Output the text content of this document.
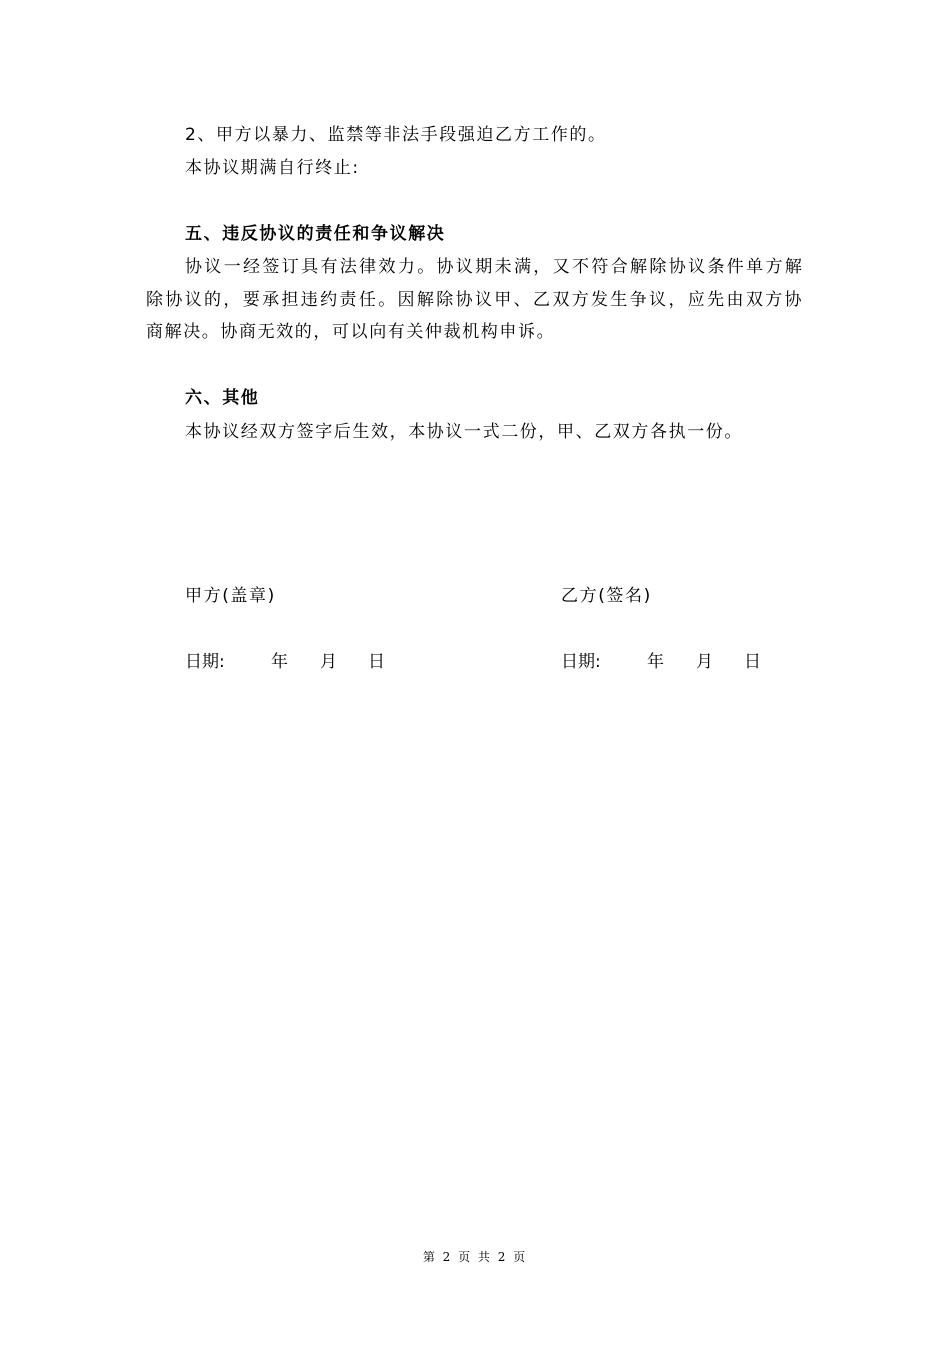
2、甲方以暴力、监禁等非法手段强迫乙方工作的。
本协议期满自行终止:
五、违反协议的责任和争议解决
协议一经签订具有法律效力。协议期未满，又不符合解除协议条件单方解
除协议的，要承担违约责任。因解除协议甲、乙双方发生争议，应先由双方协
商解决。协商无效的，可以向有关仲裁机构申诉。
六、其他
本协议经双方签字后生效，本协议一式二份，甲、乙双方各执一份。
甲方(盖章)	乙方(签名)
日期:	年 月 日	日期:	年 月 日
第 2 页 共 2 页
